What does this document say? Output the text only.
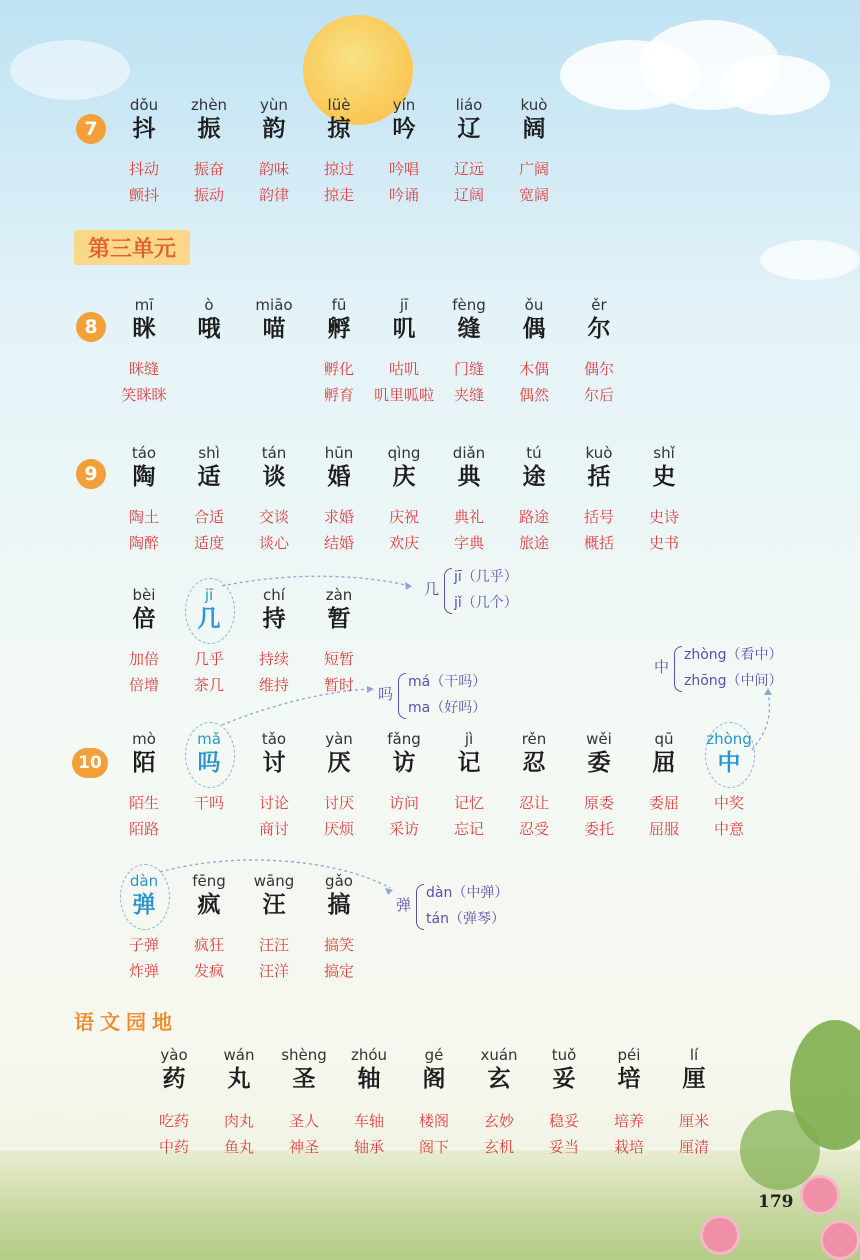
7
第三单元
8
9
10
语文园地
179
几
jī（几乎）
jǐ（几个）
吗
má（干吗）
ma（好吗）
中
zhòng（看中）
zhōng（中间）
弹
dàn（中弹）
tán（弹琴）
dǒu
抖
抖动
颤抖
zhèn
振
振奋
振动
yùn
韵
韵味
韵律
lüè
掠
掠过
掠走
yín
吟
吟唱
吟诵
liáo
辽
辽远
辽阔
kuò
阔
广阔
宽阔
mī
眯
眯缝
笑眯眯
ò
哦
miāo
喵
fū
孵
孵化
孵育
jī
叽
咕叽
叽里呱啦
fèng
缝
门缝
夹缝
ǒu
偶
木偶
偶然
ěr
尔
偶尔
尔后
táo
陶
陶土
陶醉
shì
适
合适
适度
tán
谈
交谈
谈心
hūn
婚
求婚
结婚
qìng
庆
庆祝
欢庆
diǎn
典
典礼
字典
tú
途
路途
旅途
kuò
括
括号
概括
shǐ
史
史诗
史书
bèi
倍
加倍
倍增
jī
几
几乎
茶几
chí
持
持续
维持
zàn
暂
短暂
暂时
mò
陌
陌生
陌路
mǎ
吗
干吗
tǎo
讨
讨论
商讨
yàn
厌
讨厌
厌烦
fǎng
访
访问
采访
jì
记
记忆
忘记
rěn
忍
忍让
忍受
wěi
委
原委
委托
qū
屈
委屈
屈服
zhòng
中
中奖
中意
dàn
弹
子弹
炸弹
fēng
疯
疯狂
发疯
wāng
汪
汪汪
汪洋
gǎo
搞
搞笑
搞定
yào
药
吃药
中药
wán
丸
肉丸
鱼丸
shèng
圣
圣人
神圣
zhóu
轴
车轴
轴承
gé
阁
楼阁
阁下
xuán
玄
玄妙
玄机
tuǒ
妥
稳妥
妥当
péi
培
培养
栽培
lí
厘
厘米
厘清
